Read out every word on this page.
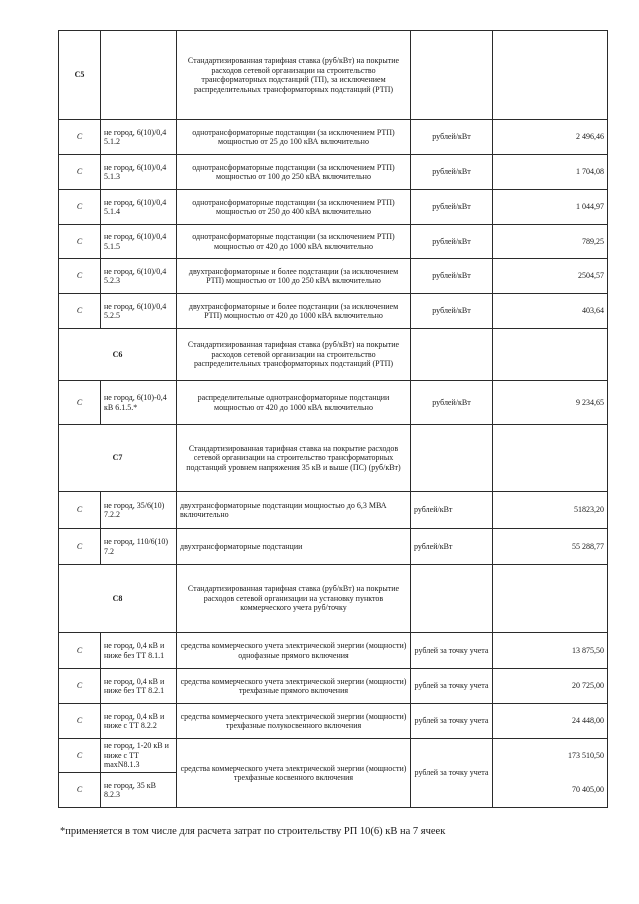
С5		Стандартизированная тарифная ставка (руб/кВт) на покрытие расходов сетевой организации на строительство трансформаторных подстанций (ТП), за исключением распределительных трансформаторных подстанций (РТП)		
С	не город, 6(10)/0,4 5.1.2	однотрансформаторные подстанции (за исключением РТП) мощностью от 25 до 100 кВА включительно	рублей/кВт	2 496,46
С	не город, 6(10)/0,4 5.1.3	однотрансформаторные подстанции (за исключением РТП) мощностью от 100 до 250 кВА включительно	рублей/кВт	1 704,08
С	не город, 6(10)/0,4 5.1.4	однотрансформаторные подстанции (за исключением РТП) мощностью от 250 до 400 кВА включительно	рублей/кВт	1 044,97
С	не город, 6(10)/0,4 5.1.5	однотрансформаторные подстанции (за исключением РТП) мощностью от 420 до 1000 кВА включительно	рублей/кВт	789,25
С	не город, 6(10)/0,4 5.2.3	двухтрансформаторные и более подстанции (за исключением РТП) мощностью от 100 до 250 кВА включительно	рублей/кВт	2504,57
С	не город, 6(10)/0,4 5.2.5	двухтрансформаторные и более подстанции (за исключением РТП) мощностью от 420 до 1000 кВА включительно	рублей/кВт	403,64
С6		Стандартизированная тарифная ставка (руб/кВт) на покрытие расходов сетевой организации на строительство распределительных трансформаторных подстанций (РТП)		
С	не город, 6(10)-0,4 кВ 6.1.5.*	распределительные однотрансформаторные подстанции мощностью от 420 до 1000 кВА включительно	рублей/кВт	9 234,65
С7		Стандартизированная тарифная ставка на покрытие расходов сетевой организации на строительство трансформаторных подстанций уровнем напряжения 35 кВ и выше (ПС) (руб/кВт)		
С	не город, 35/6(10) 7.2.2	двухтрансформаторные подстанции мощностью до 6,3 МВА включительно	рублей/кВт	51823,20
С	не город, 110/6(10) 7.2	двухтрансформаторные подстанции	рублей/кВт	55 288,77
С8		Стандартизированная тарифная ставка (руб/кВт) на покрытие расходов сетевой организации на установку пунктов коммерческого учета руб/точку		
С	не город, 0,4 кВ и ниже без ТТ 8.1.1	средства коммерческого учета электрической энергии (мощности) однофазные прямого включения	рублей за точку учета	13 875,50
С	не город, 0,4 кВ и ниже без ТТ 8.2.1	средства коммерческого учета электрической энергии (мощности) трехфазные прямого включения	рублей за точку учета	20 725,00
С	не город, 0,4 кВ и ниже с ТТ 8.2.2	средства коммерческого учета электрической энергии (мощности) трехфазные полукосвенного включения	рублей за точку учета	24 448,00
С	не город, 1-20 кВ и ниже с ТТ maxN8.1.3	средства коммерческого учета электрической энергии (мощности) трехфазные косвенного включения	рублей за точку учета	173 510,50
С	не город, 35 кВ 8.2.3			70 405,00
*применяется в том числе для расчета затрат по строительству РП 10(6) кВ на 7 ячеек
